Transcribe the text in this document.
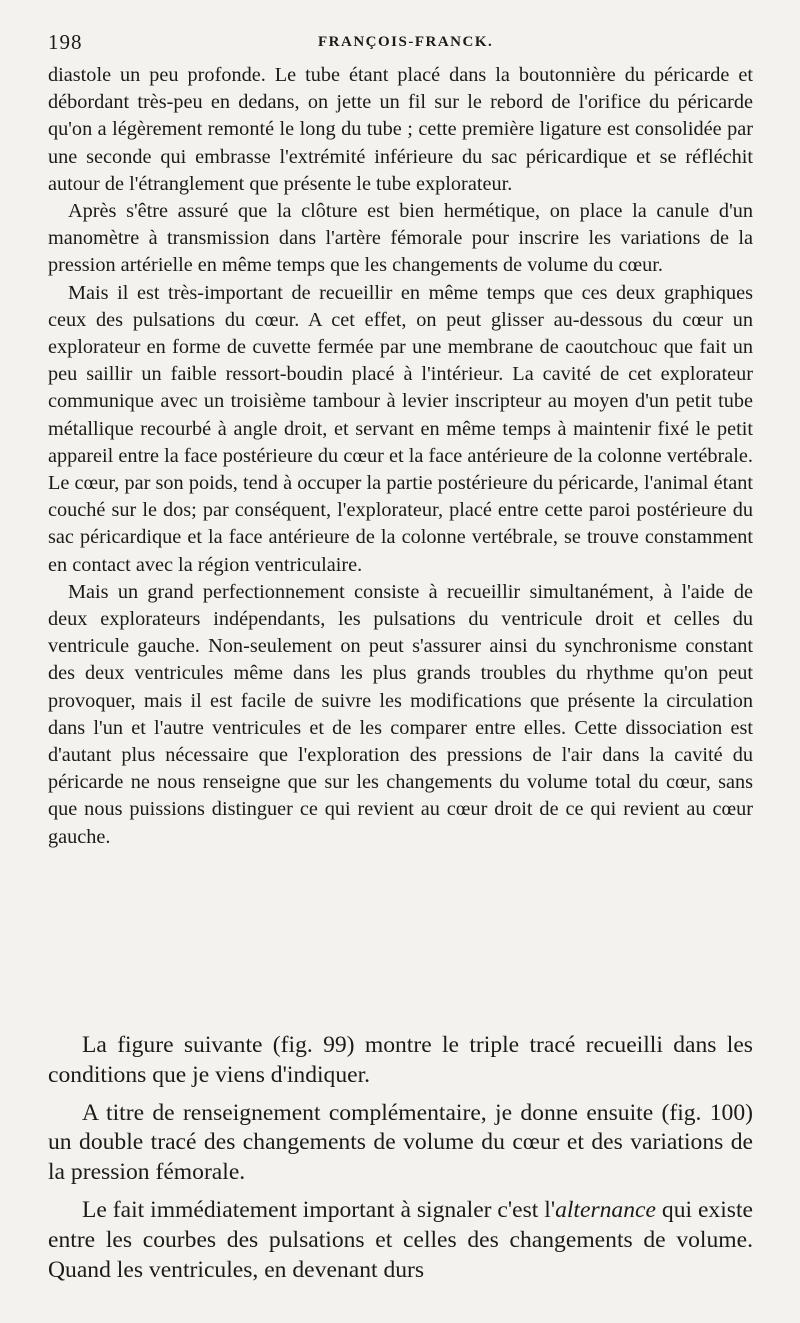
198	FRANÇOIS-FRANCK.

diastole un peu profonde. Le tube étant placé dans la boutonnière du péricarde et débordant très-peu en dedans, on jette un fil sur le rebord de l'orifice du péricarde qu'on a légèrement remonté le long du tube ; cette première ligature est consolidée par une seconde qui embrasse l'extrémité inférieure du sac péricardique et se réfléchit autour de l'étranglement que présente le tube explorateur.

Après s'être assuré que la clôture est bien hermétique, on place la canule d'un manomètre à transmission dans l'artère fémorale pour inscrire les variations de la pression artérielle en même temps que les changements de volume du cœur.

Mais il est très-important de recueillir en même temps que ces deux graphiques ceux des pulsations du cœur. A cet effet, on peut glisser au-dessous du cœur un explorateur en forme de cuvette fermée par une membrane de caoutchouc que fait un peu saillir un faible ressort-boudin placé à l'intérieur. La cavité de cet explorateur communique avec un troisième tambour à levier inscripteur au moyen d'un petit tube métallique recourbé à angle droit, et servant en même temps à maintenir fixé le petit appareil entre la face postérieure du cœur et la face antérieure de la colonne vertébrale. Le cœur, par son poids, tend à occuper la partie postérieure du péricarde, l'animal étant couché sur le dos; par conséquent, l'explorateur, placé entre cette paroi postérieure du sac péricardique et la face antérieure de la colonne vertébrale, se trouve constamment en contact avec la région ventriculaire.

Mais un grand perfectionnement consiste à recueillir simultanément, à l'aide de deux explorateurs indépendants, les pulsations du ventricule droit et celles du ventricule gauche. Non-seulement on peut s'assurer ainsi du synchronisme constant des deux ventricules même dans les plus grands troubles du rhythme qu'on peut provoquer, mais il est facile de suivre les modifications que présente la circulation dans l'un et l'autre ventricules et de les comparer entre elles. Cette dissociation est d'autant plus nécessaire que l'exploration des pressions de l'air dans la cavité du péricarde ne nous renseigne que sur les changements du volume total du cœur, sans que nous puissions distinguer ce qui revient au cœur droit de ce qui revient au cœur gauche.

La figure suivante (fig. 99) montre le triple tracé recueilli dans les conditions que je viens d'indiquer.

A titre de renseignement complémentaire, je donne ensuite (fig. 100) un double tracé des changements de volume du cœur et des variations de la pression fémorale.

Le fait immédiatement important à signaler c'est l'alternance qui existe entre les courbes des pulsations et celles des changements de volume. Quand les ventricules, en devenant durs
